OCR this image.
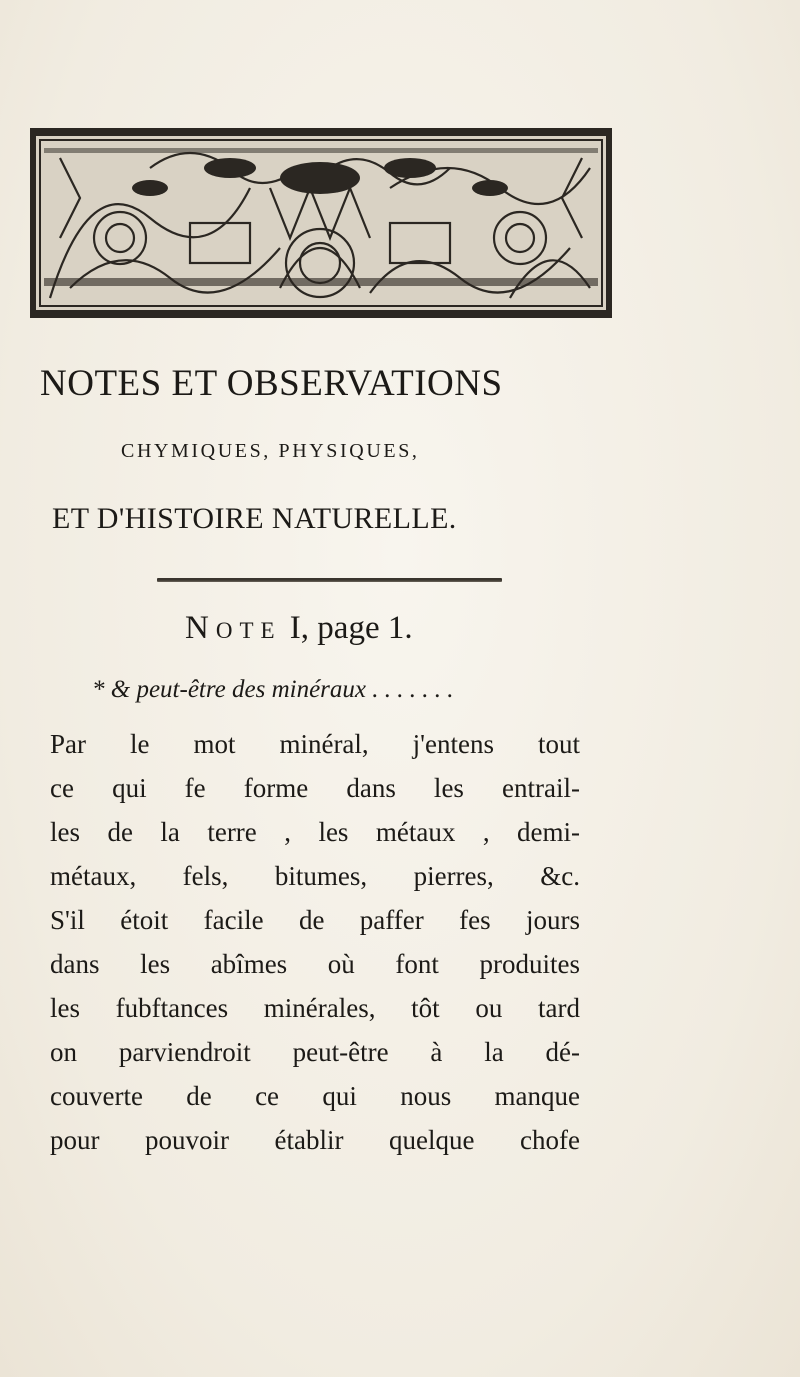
NOTES ET OBSERVATIONS
CHYMIQUES, PHYSIQUES,
ET D'HISTOIRE NATURELLE.
Note I, page 1.
* & peut-être des minéraux . . . . . . .
Par le mot minéral, j'entens tout
ce qui fe forme dans les entrail-
les de la terre , les métaux , demi-
métaux, fels, bitumes, pierres, &c.
S'il étoit facile de paffer fes jours
dans les abîmes où font produites
les fubftances minérales, tôt ou tard
on parviendroit peut-être à la dé-
couverte de ce qui nous manque
pour pouvoir établir quelque chofe
